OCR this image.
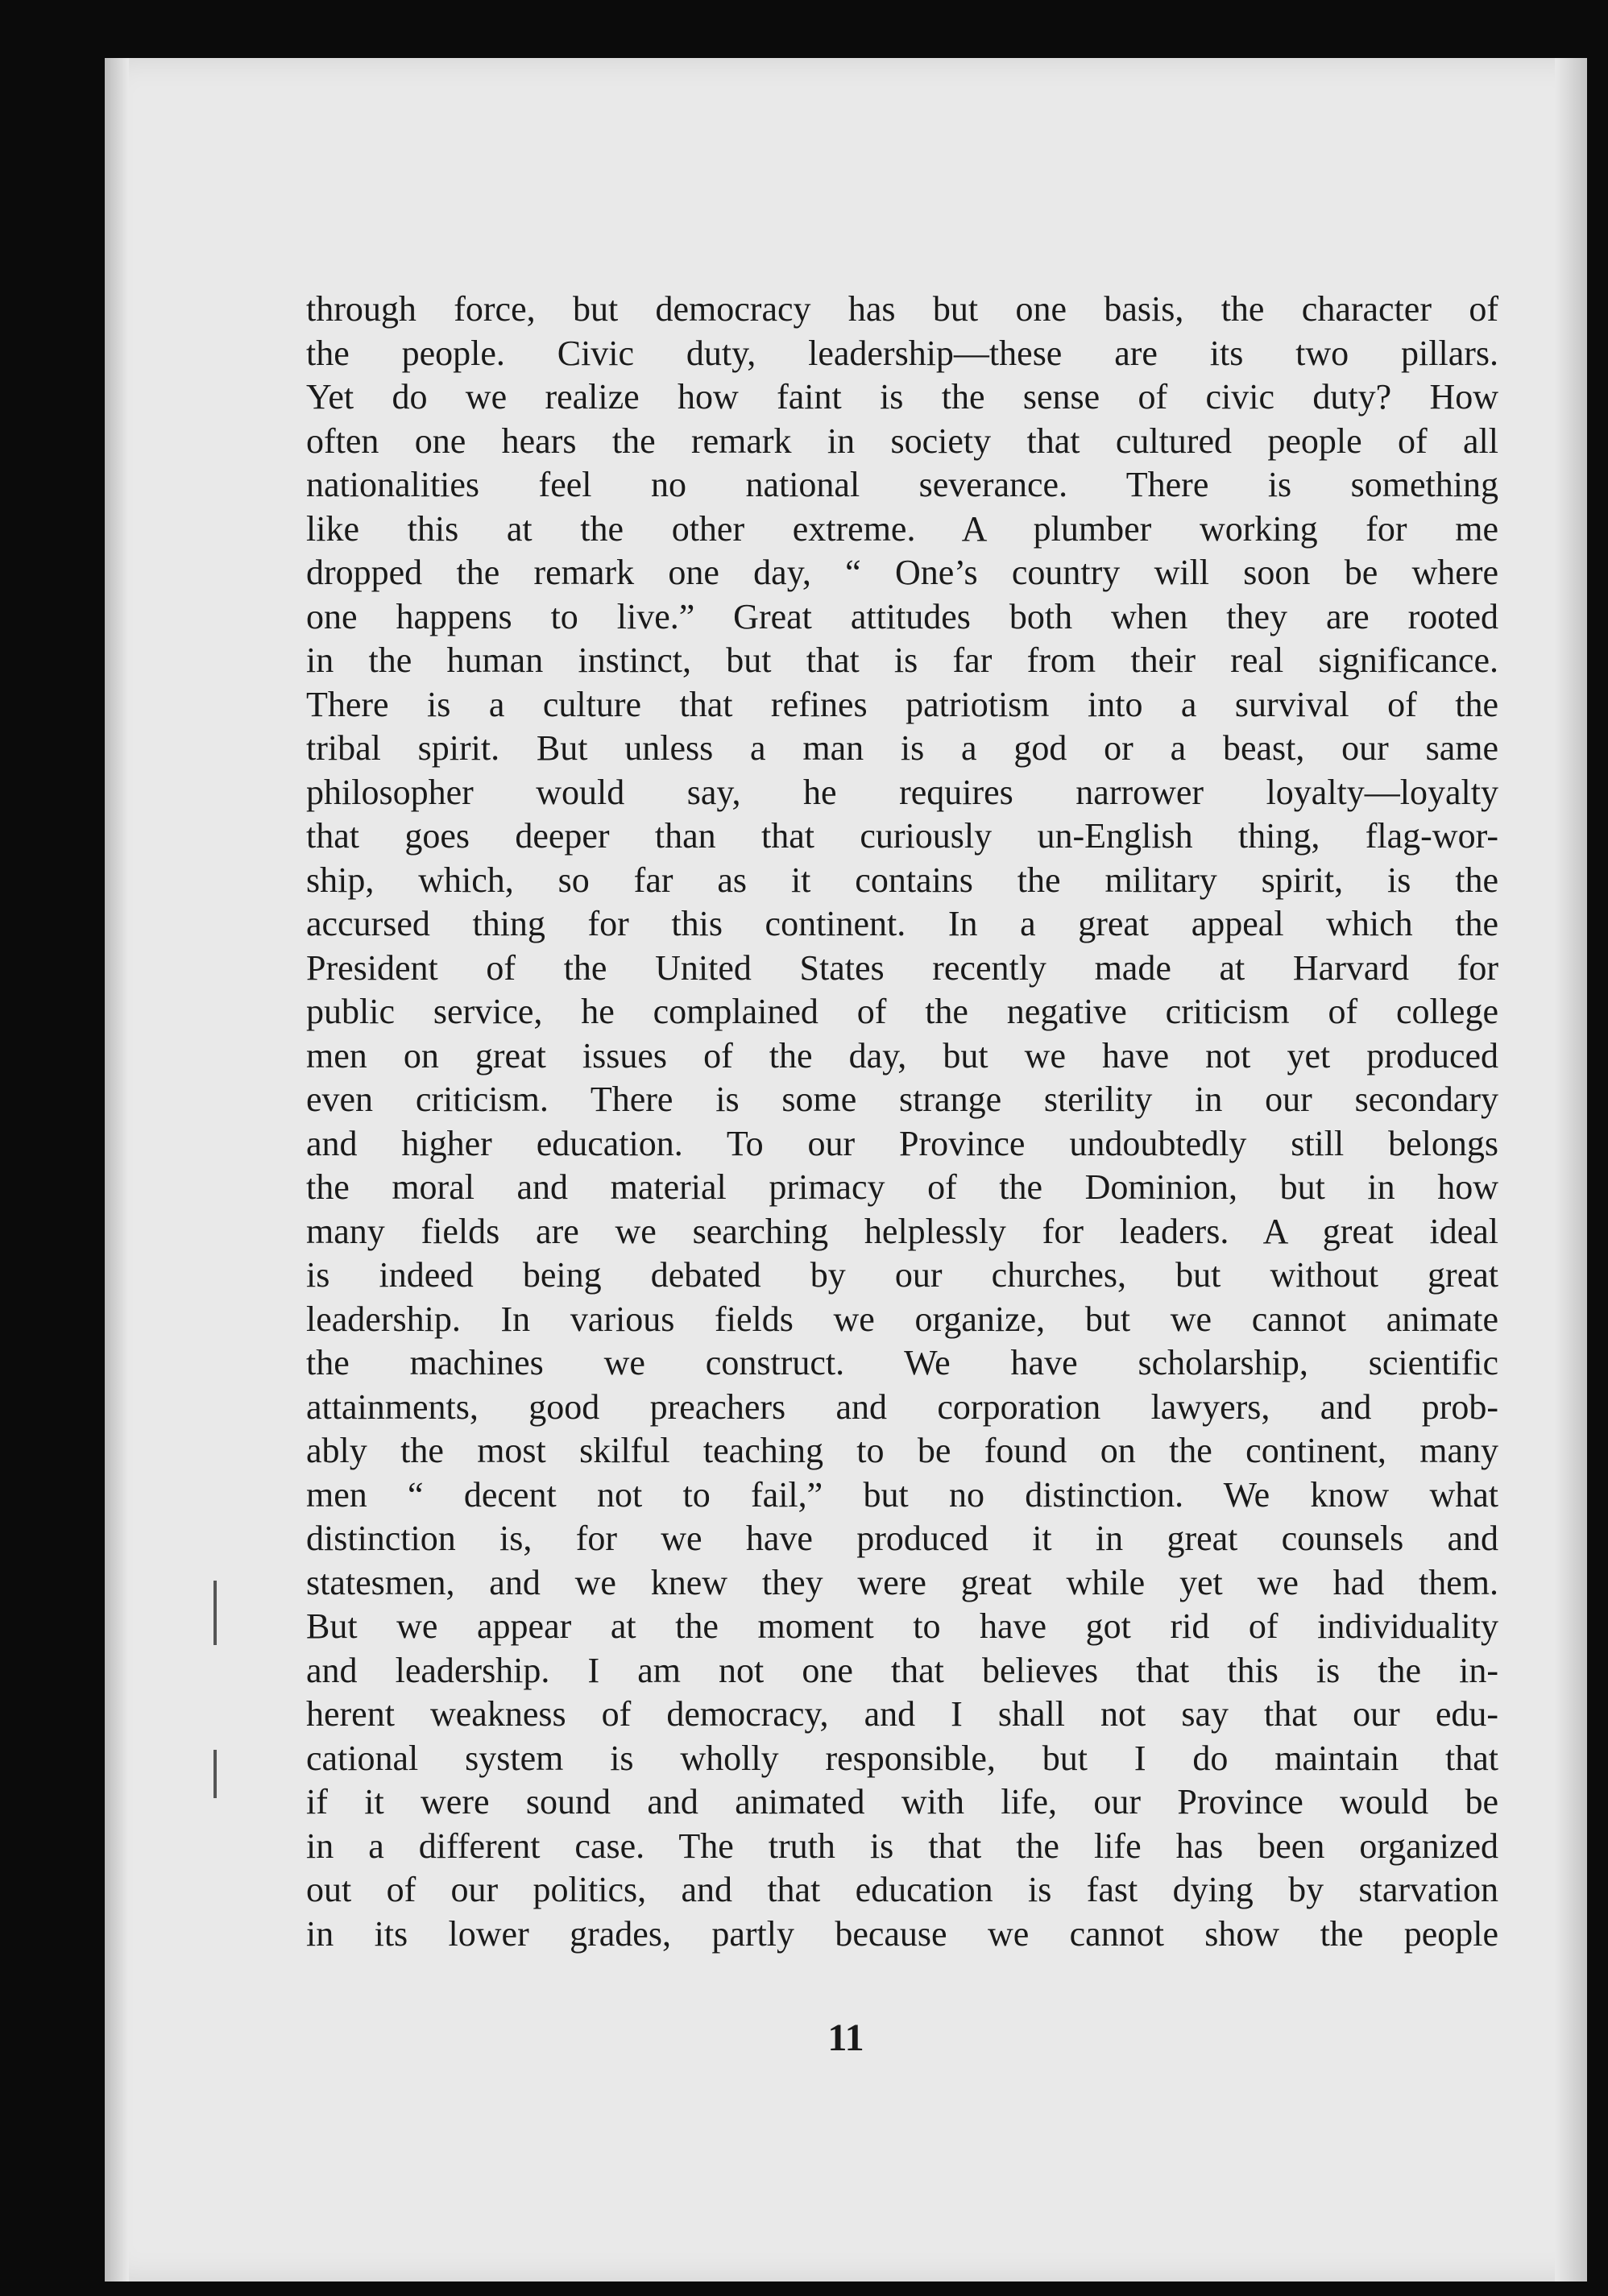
through force, but democracy has but one basis, the character of
the people. Civic duty, leadership—these are its two pillars.
Yet do we realize how faint is the sense of civic duty? How
often one hears the remark in society that cultured people of all
nationalities feel no national severance. There is something
like this at the other extreme. A plumber working for me
dropped the remark one day, “ One’s country will soon be where
one happens to live.” Great attitudes both when they are rooted
in the human instinct, but that is far from their real significance.
There is a culture that refines patriotism into a survival of the
tribal spirit. But unless a man is a god or a beast, our same
philosopher would say, he requires narrower loyalty—loyalty
that goes deeper than that curiously un-English thing, flag-wor-
ship, which, so far as it contains the military spirit, is the
accursed thing for this continent. In a great appeal which the
President of the United States recently made at Harvard for
public service, he complained of the negative criticism of college
men on great issues of the day, but we have not yet produced
even criticism. There is some strange sterility in our secondary
and higher education. To our Province undoubtedly still belongs
the moral and material primacy of the Dominion, but in how
many fields are we searching helplessly for leaders. A great ideal
is indeed being debated by our churches, but without great
leadership. In various fields we organize, but we cannot animate
the machines we construct. We have scholarship, scientific
attainments, good preachers and corporation lawyers, and prob-
ably the most skilful teaching to be found on the continent, many
men “ decent not to fail,” but no distinction. We know what
distinction is, for we have produced it in great counsels and
statesmen, and we knew they were great while yet we had them.
But we appear at the moment to have got rid of individuality
and leadership. I am not one that believes that this is the in-
herent weakness of democracy, and I shall not say that our edu-
cational system is wholly responsible, but I do maintain that
if it were sound and animated with life, our Province would be
in a different case. The truth is that the life has been organized
out of our politics, and that education is fast dying by starvation
in its lower grades, partly because we cannot show the people
11
